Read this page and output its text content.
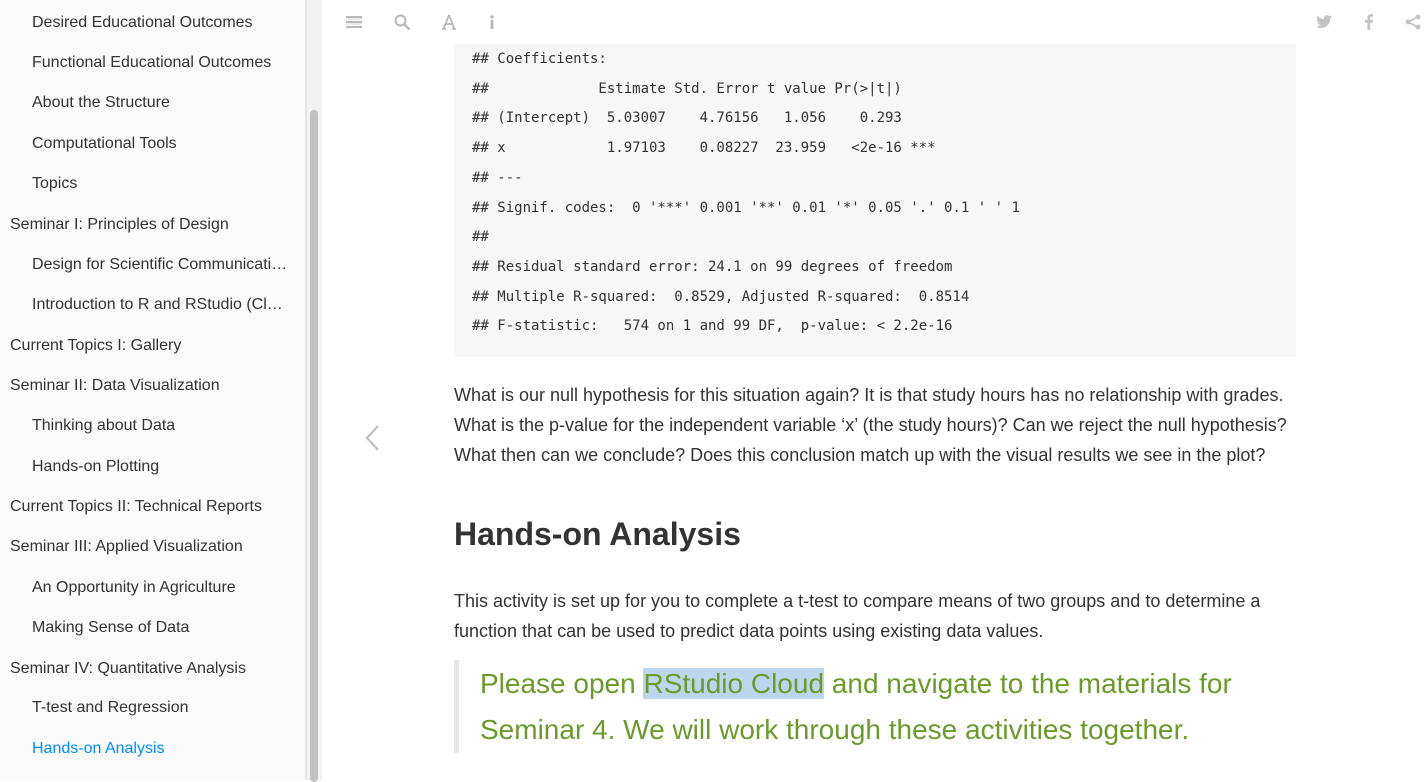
Desired Educational Outcomes
Functional Educational Outcomes
About the Structure
Computational Tools
Topics
Seminar I: Principles of Design
Design for Scientific Communicati…
Introduction to R and RStudio (Cl…
Current Topics I: Gallery
Seminar II: Data Visualization
Thinking about Data
Hands-on Plotting
Current Topics II: Technical Reports
Seminar III: Applied Visualization
An Opportunity in Agriculture
Making Sense of Data
Seminar IV: Quantitative Analysis
T-test and Regression
Hands-on Analysis
## Coefficients:
##             Estimate Std. Error t value Pr(>|t|)
## (Intercept)  5.03007    4.76156   1.056    0.293
## x            1.97103    0.08227  23.959   <2e-16 ***
## ---
## Signif. codes:  0 '***' 0.001 '**' 0.01 '*' 0.05 '.' 0.1 ' ' 1
##
## Residual standard error: 24.1 on 99 degrees of freedom
## Multiple R-squared:  0.8529, Adjusted R-squared:  0.8514
## F-statistic:   574 on 1 and 99 DF,  p-value: < 2.2e-16
What is our null hypothesis for this situation again? It is that study hours has no relationship with grades.
What is the p-value for the independent variable ‘x’ (the study hours)? Can we reject the null hypothesis?
What then can we conclude? Does this conclusion match up with the visual results we see in the plot?
Hands-on Analysis
This activity is set up for you to complete a t-test to compare means of two groups and to determine a
function that can be used to predict data points using existing data values.
Please open RStudio Cloud and navigate to the materials for
Seminar 4. We will work through these activities together.
